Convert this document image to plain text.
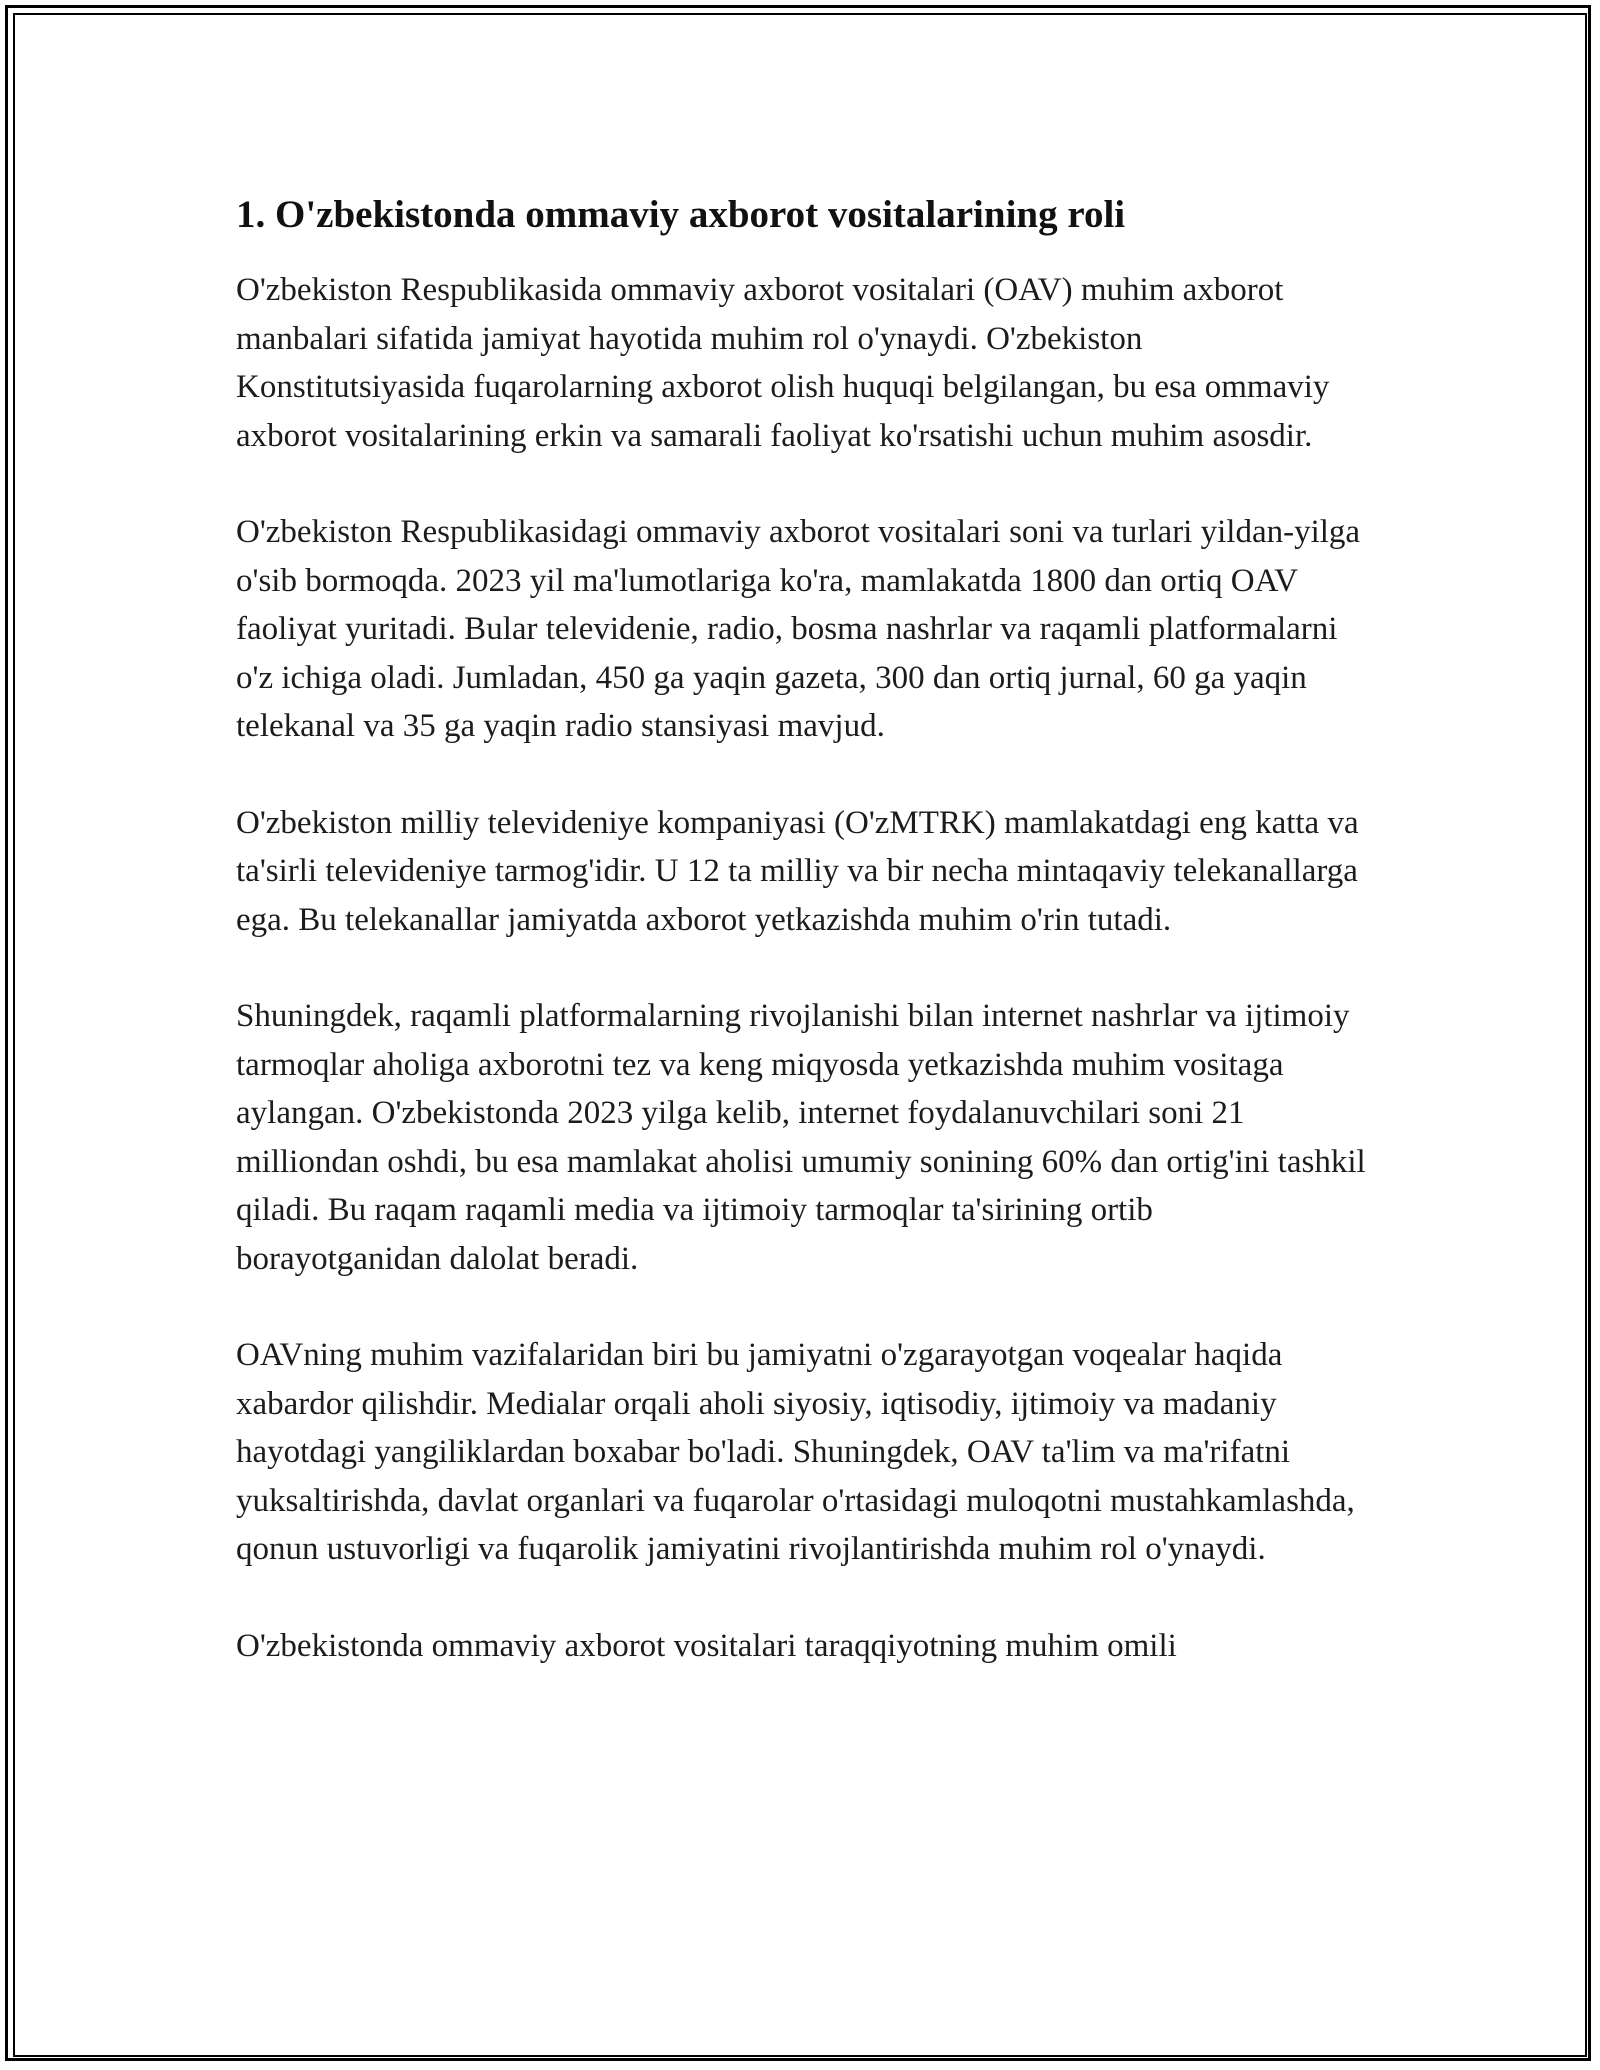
1. O'zbekistonda ommaviy axborot vositalarining roli

O'zbekiston Respublikasida ommaviy axborot vositalari (OAV) muhim axborot manbalari sifatida jamiyat hayotida muhim rol o'ynaydi. O'zbekiston Konstitutsiyasida fuqarolarning axborot olish huquqi belgilangan, bu esa ommaviy axborot vositalarining erkin va samarali faoliyat ko'rsatishi uchun muhim asosdir.

O'zbekiston Respublikasidagi ommaviy axborot vositalari soni va turlari yildan-yilga o'sib bormoqda. 2023 yil ma'lumotlariga ko'ra, mamlakatda 1800 dan ortiq OAV faoliyat yuritadi. Bular televidenie, radio, bosma nashrlar va raqamli platformalarni o'z ichiga oladi. Jumladan, 450 ga yaqin gazeta, 300 dan ortiq jurnal, 60 ga yaqin telekanal va 35 ga yaqin radio stansiyasi mavjud.

O'zbekiston milliy televideniye kompaniyasi (O'zMTRK) mamlakatdagi eng katta va ta'sirli televideniye tarmog'idir. U 12 ta milliy va bir necha mintaqaviy telekanallarga ega. Bu telekanallar jamiyatda axborot yetkazishda muhim o'rin tutadi.

Shuningdek, raqamli platformalarning rivojlanishi bilan internet nashrlar va ijtimoiy tarmoqlar aholiga axborotni tez va keng miqyosda yetkazishda muhim vositaga aylangan. O'zbekistonda 2023 yilga kelib, internet foydalanuvchilari soni 21 milliondan oshdi, bu esa mamlakat aholisi umumiy sonining 60% dan ortig'ini tashkil qiladi. Bu raqam raqamli media va ijtimoiy tarmoqlar ta'sirining ortib borayotganidan dalolat beradi.

OAVning muhim vazifalaridan biri bu jamiyatni o'zgarayotgan voqealar haqida xabardor qilishdir. Medialar orqali aholi siyosiy, iqtisodiy, ijtimoiy va madaniy hayotdagi yangiliklardan boxabar bo'ladi. Shuningdek, OAV ta'lim va ma'rifatni yuksaltirishda, davlat organlari va fuqarolar o'rtasidagi muloqotni mustahkamlashda, qonun ustuvorligi va fuqarolik jamiyatini rivojlantirishda muhim rol o'ynaydi.

O'zbekistonda ommaviy axborot vositalari taraqqiyotning muhim omili
